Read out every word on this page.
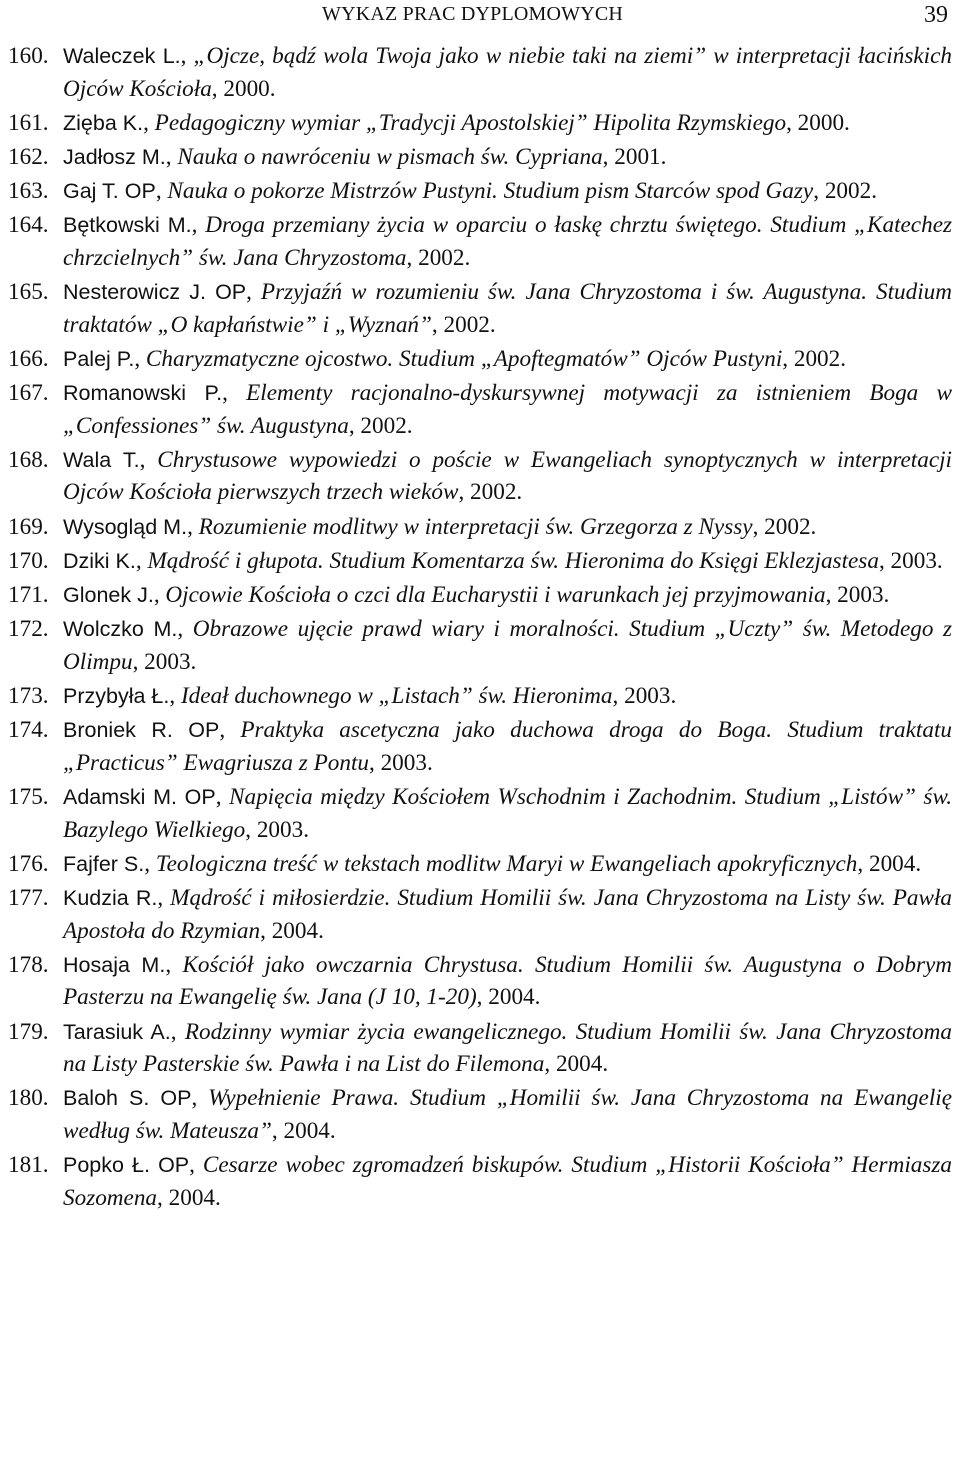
WYKAZ PRAC DYPLOMOWYCH	39
160. Waleczek L., „Ojcze, bądź wola Twoja jako w niebie taki na ziemi” w interpretacji łacińskich Ojców Kościoła, 2000.
161. Zięba K., Pedagogiczny wymiar „Tradycji Apostolskiej” Hipolita Rzymskiego, 2000.
162. Jadłosz M., Nauka o nawróceniu w pismach św. Cypriana, 2001.
163. Gaj T. OP, Nauka o pokorze Mistrzów Pustyni. Studium pism Starców spod Gazy, 2002.
164. Bętkowski M., Droga przemiany życia w oparciu o łaskę chrztu świętego. Studium „Katechez chrzcielnych” św. Jana Chryzostoma, 2002.
165. Nesterowicz J. OP, Przyjaźń w rozumieniu św. Jana Chryzostoma i św. Augustyna. Studium traktatów „O kapłaństwie” i „Wyznań”, 2002.
166. Palej P., Charyzmatyczne ojcostwo. Studium „Apoftegmatów” Ojców Pustyni, 2002.
167. Romanowski P., Elementy racjonalno-dyskursywnej motywacji za istnieniem Boga w „Confessiones” św. Augustyna, 2002.
168. Wala T., Chrystusowe wypowiedzi o poście w Ewangeliach synoptycznych w interpretacji Ojców Kościoła pierwszych trzech wieków, 2002.
169. Wysogląd M., Rozumienie modlitwy w interpretacji św. Grzegorza z Nyssy, 2002.
170. Dziki K., Mądrość i głupota. Studium Komentarza św. Hieronima do Księgi Eklezjastesa, 2003.
171. Glonek J., Ojcowie Kościoła o czci dla Eucharystii i warunkach jej przyjmowania, 2003.
172. Wolczko M., Obrazowe ujęcie prawd wiary i moralności. Studium „Uczty” św. Metodego z Olimpu, 2003.
173. Przybyła Ł., Ideał duchownego w „Listach” św. Hieronima, 2003.
174. Broniek R. OP, Praktyka ascetyczna jako duchowa droga do Boga. Studium traktatu „Practicus” Ewagriusza z Pontu, 2003.
175. Adamski M. OP, Napięcia między Kościołem Wschodnim i Zachodnim. Studium „Listów” św. Bazylego Wielkiego, 2003.
176. Fajfer S., Teologiczna treść w tekstach modlitw Maryi w Ewangeliach apokryficznych, 2004.
177. Kudzia R., Mądrość i miłosierdzie. Studium Homilii św. Jana Chryzostoma na Listy św. Pawła Apostoła do Rzymian, 2004.
178. Hosaja M., Kościół jako owczarnia Chrystusa. Studium Homilii św. Augustyna o Dobrym Pasterzu na Ewangelię św. Jana (J 10, 1-20), 2004.
179. Tarasiuk A., Rodzinny wymiar życia ewangelicznego. Studium Homilii św. Jana Chryzostoma na Listy Pasterskie św. Pawła i na List do Filemona, 2004.
180. Baloh S. OP, Wypełnienie Prawa. Studium „Homilii św. Jana Chryzostoma na Ewangelię według św. Mateusza”, 2004.
181. Popko Ł. OP, Cesarze wobec zgromadzeń biskupów. Studium „Historii Kościoła” Hermiasza Sozomena, 2004.
